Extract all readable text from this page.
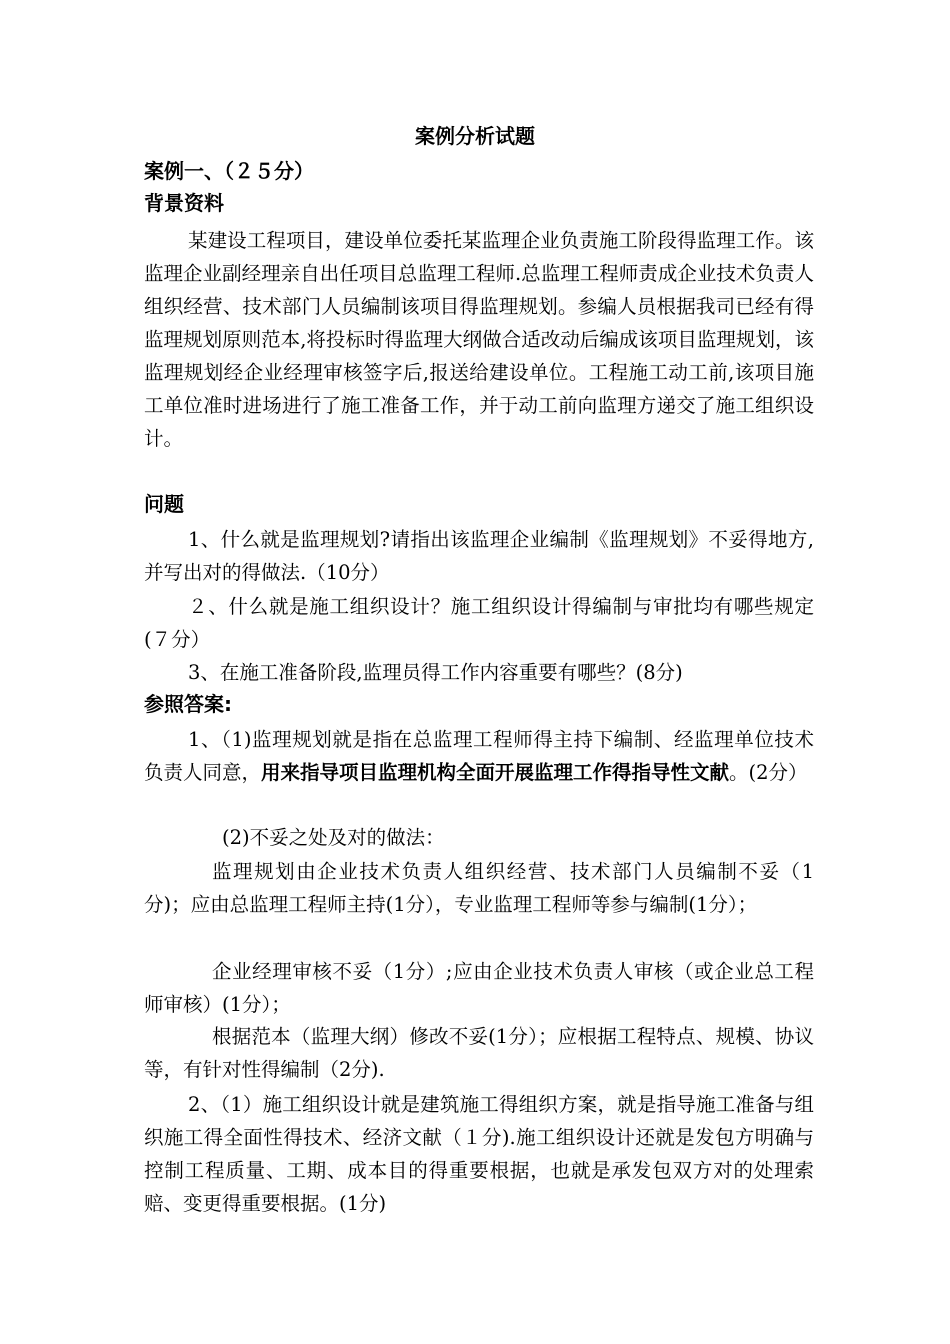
案例分析试题
案例一、（２５分）
背景资料

某建设工程项目，建设单位委托某监理企业负责施工阶段得监理工作。该监理企业副经理亲自出任项目总监理工程师.总监理工程师责成企业技术负责人组织经营、技术部门人员编制该项目得监理规划。参编人员根据我司已经有得监理规划原则范本,将投标时得监理大纲做合适改动后编成该项目监理规划，该监理规划经企业经理审核签字后,报送给建设单位。工程施工动工前,该项目施工单位准时进场进行了施工准备工作，并于动工前向监理方递交了施工组织设计。

问题

1、什么就是监理规划?请指出该监理企业编制《监理规划》不妥得地方,并写出对的得做法.（10分）

２、什么就是施工组织设计？施工组织设计得编制与审批均有哪些规定(７分）

3、在施工准备阶段,监理员得工作内容重要有哪些？(8分)

参照答案:

1、（1)监理规划就是指在总监理工程师得主持下编制、经监理单位技术负责人同意，用来指导项目监理机构全面开展监理工作得指导性文献。(2分）

(2)不妥之处及对的做法：

监理规划由企业技术负责人组织经营、技术部门人员编制不妥（1分)；应由总监理工程师主持(1分），专业监理工程师等参与编制(1分）；

企业经理审核不妥（1分）;应由企业技术负责人审核（或企业总工程师审核）(1分）；

根据范本（监理大纲）修改不妥(1分）；应根据工程特点、规模、协议等，有针对性得编制（2分).

2、（1）施工组织设计就是建筑施工得组织方案，就是指导施工准备与组织施工得全面性得技术、经济文献（１分).施工组织设计还就是发包方明确与控制工程质量、工期、成本目的得重要根据，也就是承发包双方对的处理索赔、变更得重要根据。(1分)
